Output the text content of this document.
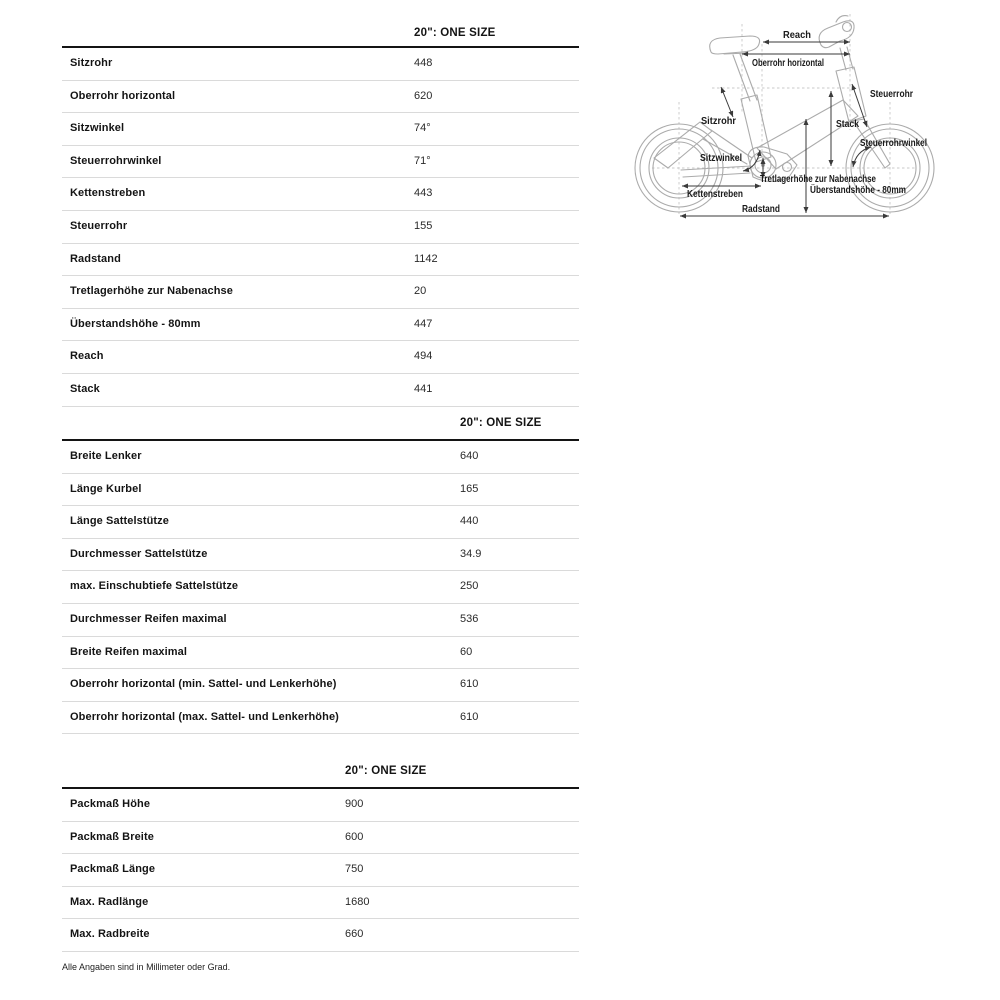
20": ONE SIZE
Sitzrohr	448
Oberrohr horizontal	620
Sitzwinkel	74°
Steuerrohrwinkel	71°
Kettenstreben	443
Steuerrohr	155
Radstand	1142
Tretlagerhöhe zur Nabenachse	20
Überstandshöhe - 80mm	447
Reach	494
Stack	441
20": ONE SIZE
Breite Lenker	640
Länge Kurbel	165
Länge Sattelstütze	440
Durchmesser Sattelstütze	34.9
max. Einschubtiefe Sattelstütze	250
Durchmesser Reifen maximal	536
Breite Reifen maximal	60
Oberrohr horizontal (min. Sattel- und Lenkerhöhe)	610
Oberrohr horizontal (max. Sattel- und Lenkerhöhe)	610
20": ONE SIZE
Packmaß Höhe	900
Packmaß Breite	600
Packmaß Länge	750
Max. Radlänge	1680
Max. Radbreite	660
Alle Angaben sind in Millimeter oder Grad.
Reach
Oberrohr horizontal
Steuerrohr
Stack
Sitzrohr
Sitzwinkel
Steuerrohrwinkel
Tretlagerhöhe zur Nabenachse
Überstandshöhe - 80mm
Kettenstreben
Radstand
